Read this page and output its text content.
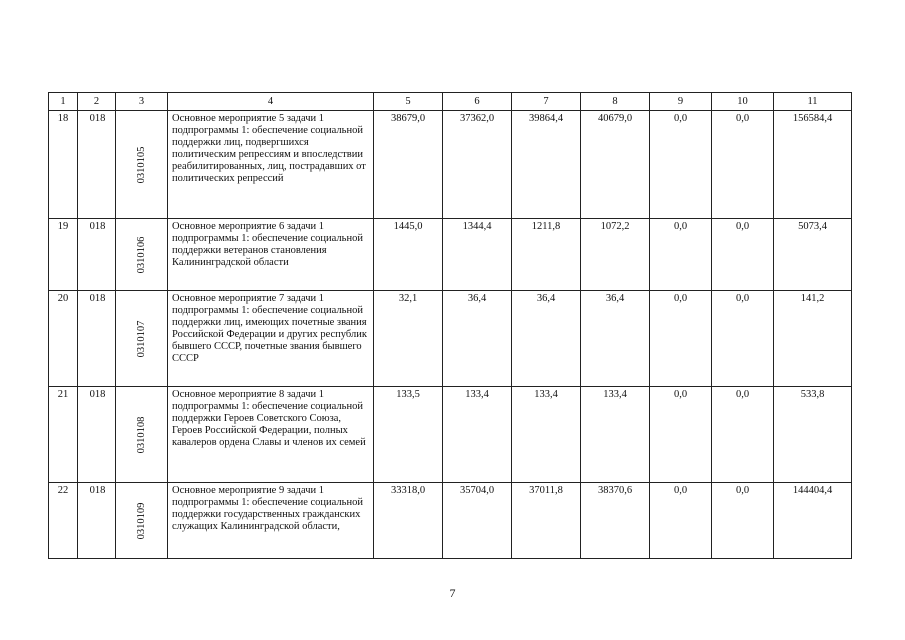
1	2	3	4	5	6	7	8	9	10	11
18	018	0310105	Основное мероприятие 5 задачи 1 подпрограммы 1: обеспечение социальной поддержки лиц, подвергшихся политическим репрессиям и впоследствии реабилитированных, лиц, пострадавших от политических репрессий	38679,0	37362,0	39864,4	40679,0	0,0	0,0	156584,4
19	018	0310106	Основное мероприятие 6 задачи 1 подпрограммы 1: обеспечение социальной поддержки ветеранов становления Калининградской области	1445,0	1344,4	1211,8	1072,2	0,0	0,0	5073,4
20	018	0310107	Основное мероприятие 7 задачи 1 подпрограммы 1: обеспечение социальной поддержки лиц, имеющих почетные звания Российской Федерации и других республик бывшего СССР, почетные звания бывшего СССР	32,1	36,4	36,4	36,4	0,0	0,0	141,2
21	018	0310108	Основное мероприятие 8 задачи 1 подпрограммы 1: обеспечение социальной поддержки Героев Советского Союза, Героев Российской Федерации, полных кавалеров ордена Славы и членов их семей	133,5	133,4	133,4	133,4	0,0	0,0	533,8
22	018	0310109	Основное мероприятие 9 задачи 1 подпрограммы 1: обеспечение социальной поддержки государственных гражданских служащих Калининградской области,	33318,0	35704,0	37011,8	38370,6	0,0	0,0	144404,4
7
